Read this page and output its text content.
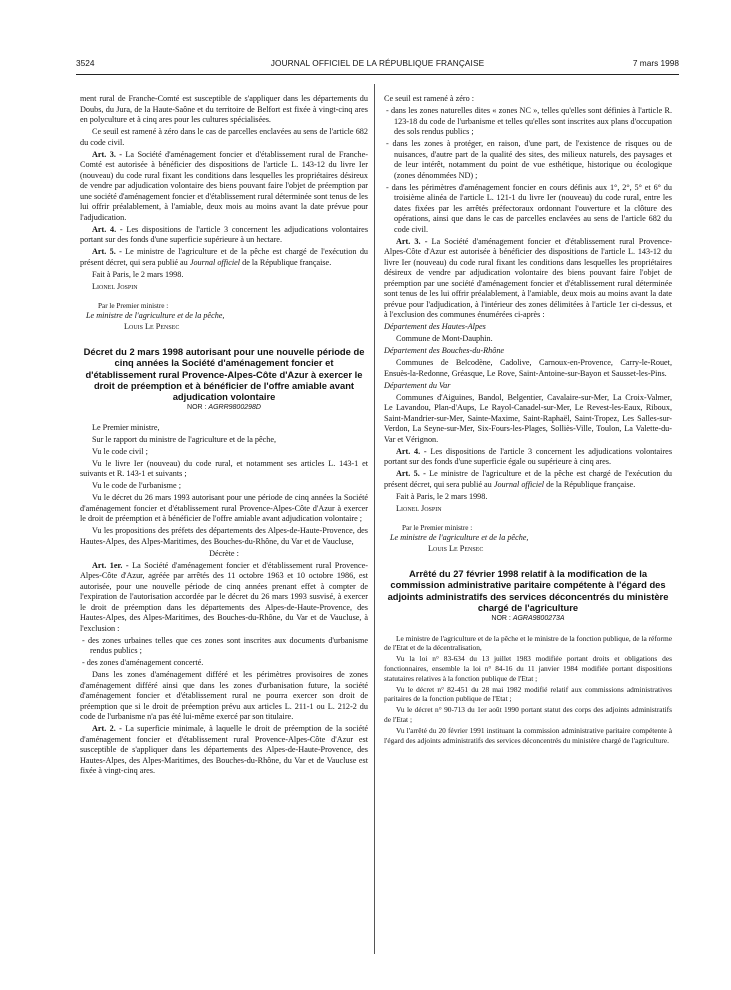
3524	JOURNAL OFFICIEL DE LA RÉPUBLIQUE FRANÇAISE	7 mars 1998

ment rural de Franche-Comté est susceptible de s'appliquer dans les départements du Doubs, du Jura, de la Haute-Saône et du territoire de Belfort est fixée à vingt-cinq ares en polyculture et à cinq ares pour les cultures spécialisées.

Ce seuil est ramené à zéro dans le cas de parcelles enclavées au sens de l'article 682 du code civil.

Art. 3. - La Société d'aménagement foncier et d'établissement rural de Franche-Comté est autorisée à bénéficier des dispositions de l'article L. 143-12 du livre Ier (nouveau) du code rural fixant les conditions dans lesquelles les propriétaires désireux de vendre par adjudication volontaire des biens pouvant faire l'objet de préemption par une société d'aménagement foncier et d'établissement rural déterminée sont tenus de les lui offrir préalablement, à l'amiable, deux mois au moins avant la date prévue pour l'adjudication.

Art. 4. - Les dispositions de l'article 3 concernent les adjudications volontaires portant sur des fonds d'une superficie supérieure à un hectare.

Art. 5. - Le ministre de l'agriculture et de la pêche est chargé de l'exécution du présent décret, qui sera publié au Journal officiel de la République française.

Fait à Paris, le 2 mars 1998.

Lionel Jospin

Par le Premier ministre :

Le ministre de l'agriculture et de la pêche,

Louis Le Pensec

Décret du 2 mars 1998 autorisant pour une nouvelle période de cinq années la Société d'aménagement foncier et d'établissement rural Provence-Alpes-Côte d'Azur à exercer le droit de préemption et à bénéficier de l'offre amiable avant adjudication volontaire
NOR : AGRR9800298D

Le Premier ministre,

Sur le rapport du ministre de l'agriculture et de la pêche,

Vu le code civil ;

Vu le livre Ier (nouveau) du code rural, et notamment ses articles L. 143-1 et suivants et R. 143-1 et suivants ;

Vu le code de l'urbanisme ;

Vu le décret du 26 mars 1993 autorisant pour une période de cinq années la Société d'aménagement foncier et d'établissement rural Provence-Alpes-Côte d'Azur à exercer le droit de préemption et à bénéficier de l'offre amiable avant adjudication volontaire ;

Vu les propositions des préfets des départements des Alpes-de-Haute-Provence, des Hautes-Alpes, des Alpes-Maritimes, des Bouches-du-Rhône, du Var et de Vaucluse,

Décrète :

Art. 1er. - La Société d'aménagement foncier et d'établissement rural Provence-Alpes-Côte d'Azur, agréée par arrêtés des 11 octobre 1963 et 10 octobre 1986, est autorisée, pour une nouvelle période de cinq années prenant effet à compter de l'expiration de l'autorisation accordée par le décret du 26 mars 1993 susvisé, à exercer le droit de préemption dans les départements des Alpes-de-Haute-Provence, des Hautes-Alpes, des Alpes-Maritimes, des Bouches-du-Rhône, du Var et de Vaucluse, à l'exclusion :

- des zones urbaines telles que ces zones sont inscrites aux documents d'urbanisme rendus publics ;

- des zones d'aménagement concerté.

Dans les zones d'aménagement différé et les périmètres provisoires de zones d'aménagement différé ainsi que dans les zones d'urbanisation future, la société d'aménagement foncier et d'établissement rural ne pourra exercer son droit de préemption que si le droit de préemption prévu aux articles L. 211-1 ou L. 212-2 du code de l'urbanisme n'a pas été lui-même exercé par son titulaire.

Art. 2. - La superficie minimale, à laquelle le droit de préemption de la société d'aménagement foncier et d'établissement rural Provence-Alpes-Côte d'Azur est susceptible de s'appliquer dans les départements des Alpes-de-Haute-Provence, des Hautes-Alpes, des Alpes-Maritimes, des Bouches-du-Rhône, du Var et de Vaucluse est fixée à vingt-cinq ares.

Ce seuil est ramené à zéro :

- dans les zones naturelles dites « zones NC », telles qu'elles sont définies à l'article R. 123-18 du code de l'urbanisme et telles qu'elles sont inscrites aux plans d'occupation des sols rendus publics ;

- dans les zones à protéger, en raison, d'une part, de l'existence de risques ou de nuisances, d'autre part de la qualité des sites, des milieux naturels, des paysages et de leur intérêt, notamment du point de vue esthétique, historique ou écologique (zones dénommées ND) ;

- dans les périmètres d'aménagement foncier en cours définis aux 1°, 2°, 5° et 6° du troisième alinéa de l'article L. 121-1 du livre Ier (nouveau) du code rural, entre les dates fixées par les arrêtés préfectoraux ordonnant l'ouverture et la clôture des opérations, ainsi que dans le cas de parcelles enclavées au sens de l'article 682 du code civil.

Art. 3. - La Société d'aménagement foncier et d'établissement rural Provence-Alpes-Côte d'Azur est autorisée à bénéficier des dispositions de l'article L. 143-12 du livre Ier (nouveau) du code rural fixant les conditions dans lesquelles les propriétaires désireux de vendre par adjudication volontaire des biens pouvant faire l'objet de préemption par une société d'aménagement foncier et d'établissement rural déterminée sont tenus de les lui offrir préalablement, à l'amiable, deux mois au moins avant la date prévue pour l'adjudication, à l'intérieur des zones délimitées à l'article 1er ci-dessus, et à l'exclusion des communes énumérées ci-après :

Département des Hautes-Alpes

Commune de Mont-Dauphin.

Département des Bouches-du-Rhône

Communes de Belcodène, Cadolive, Carnoux-en-Provence, Carry-le-Rouet, Ensuès-la-Redonne, Gréasque, Le Rove, Saint-Antoine-sur-Bayon et Sausset-les-Pins.

Département du Var

Communes d'Aiguines, Bandol, Belgentier, Cavalaire-sur-Mer, La Croix-Valmer, Le Lavandou, Plan-d'Aups, Le Rayol-Canadel-sur-Mer, Le Revest-les-Eaux, Riboux, Saint-Mandrier-sur-Mer, Sainte-Maxime, Saint-Raphaël, Saint-Tropez, Les Salles-sur-Verdon, La Seyne-sur-Mer, Six-Fours-les-Plages, Solliès-Ville, Toulon, La Valette-du-Var et Vérignon.

Art. 4. - Les dispositions de l'article 3 concernent les adjudications volontaires portant sur des fonds d'une superficie égale ou supérieure à cinq ares.

Art. 5. - Le ministre de l'agriculture et de la pêche est chargé de l'exécution du présent décret, qui sera publié au Journal officiel de la République française.

Fait à Paris, le 2 mars 1998.

Lionel Jospin

Par le Premier ministre :

Le ministre de l'agriculture et de la pêche,

Louis Le Pensec

Arrêté du 27 février 1998 relatif à la modification de la commission administrative paritaire compétente à l'égard des adjoints administratifs des services déconcentrés du ministère chargé de l'agriculture
NOR : AGRA9800273A

Le ministre de l'agriculture et de la pêche et le ministre de la fonction publique, de la réforme de l'Etat et de la décentralisation,

Vu la loi n° 83-634 du 13 juillet 1983 modifiée portant droits et obligations des fonctionnaires, ensemble la loi n° 84-16 du 11 janvier 1984 modifiée portant dispositions statutaires relatives à la fonction publique de l'Etat ;

Vu le décret n° 82-451 du 28 mai 1982 modifié relatif aux commissions administratives paritaires de la fonction publique de l'Etat ;

Vu le décret n° 90-713 du 1er août 1990 portant statut des corps des adjoints administratifs de l'Etat ;

Vu l'arrêté du 20 février 1991 instituant la commission administrative paritaire compétente à l'égard des adjoints administratifs des services déconcentrés du ministère chargé de l'agriculture.
